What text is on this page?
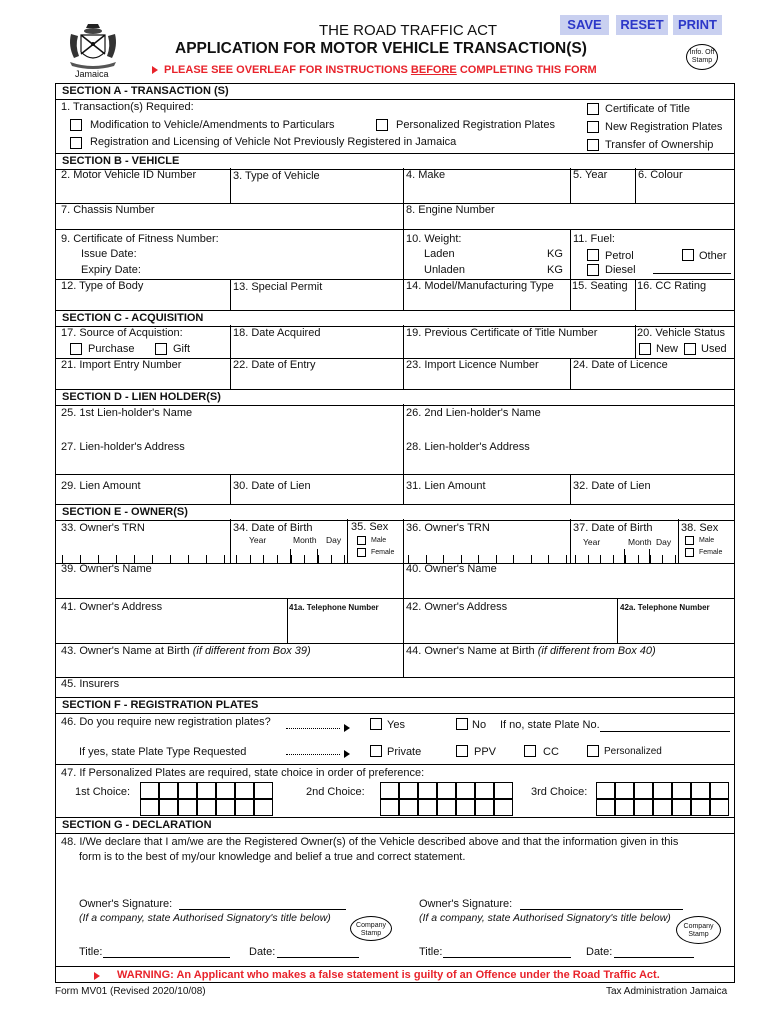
Jamaica
THE ROAD TRAFFIC ACT
APPLICATION FOR MOTOR VEHICLE TRANSACTION(S)
SAVE	RESET	PRINT
Info. Off Stamp
PLEASE SEE OVERLEAF FOR INSTRUCTIONS BEFORE COMPLETING THIS FORM
SECTION A - TRANSACTION (S)
1. Transaction(s) Required:
Modification to Vehicle/Amendments to Particulars	Personalized Registration Plates
Registration and Licensing of Vehicle Not Previously Registered in Jamaica
Certificate of Title
New Registration Plates
Transfer of Ownership
SECTION B - VEHICLE
2. Motor Vehicle ID Number	3. Type of Vehicle	4. Make	5. Year	6. Colour
7. Chassis Number	8. Engine Number
9. Certificate of Fitness Number:
Issue Date:
Expiry Date:
10. Weight:
Laden	KG
Unladen	KG
11. Fuel:
Petrol
Diesel
Other
12. Type of Body	13. Special Permit	14. Model/Manufacturing Type 15. Seating 16. CC Rating
SECTION C - ACQUISITION
17. Source of Acquistion:
Purchase	Gift
18. Date Acquired	19. Previous Certificate of Title Number	20. Vehicle Status
New Used
21. Import Entry Number	22. Date of Entry	23. Import Licence Number	24. Date of Licence
SECTION D - LIEN HOLDER(S)
25. 1st Lien-holder's Name	26. 2nd Lien-holder's Name
27. Lien-holder's Address	28. Lien-holder's Address
29. Lien Amount	30. Date of Lien	31. Lien Amount	32. Date of Lien
SECTION E - OWNER(S)
33. Owner's TRN	34. Date of Birth	35. Sex 36. Owner's TRN	37. Date of Birth	38. Sex
Year	Month Day	Year	Month Day
Male
Female
Male
Female
39. Owner's Name	40. Owner's Name
41. Owner's Address	41a. Telephone Number 42. Owner's Address	42a. Telephone Number
43. Owner's Name at Birth (if different from Box 39)	44. Owner's Name at Birth (if different from Box 40)
45. Insurers
SECTION F - REGISTRATION PLATES
46. Do you require new registration plates?	Yes	No If no, state Plate No.
If yes, state Plate Type Requested	Private	PPV	CC	Personalized
47. If Personalized Plates are required, state choice in order of preference:
1st Choice:	2nd Choice:	3rd Choice:
SECTION G - DECLARATION
48. I/We declare that I am/we are the Registered Owner(s) of the Vehicle described above and that the information given in this
form is to the best of my/our knowledge and belief a true and correct statement.
Owner's Signature:
(If a company, state Authorised Signatory's title below)
Company Stamp
Title:	Date:
Owner's Signature:
(If a company, state Authorised Signatory's title below)
Company Stamp
Title:	Date:
WARNING: An Applicant who makes a false statement is guilty of an Offence under the Road Traffic Act.
Form MV01 (Revised 2020/10/08)	Tax Administration Jamaica
